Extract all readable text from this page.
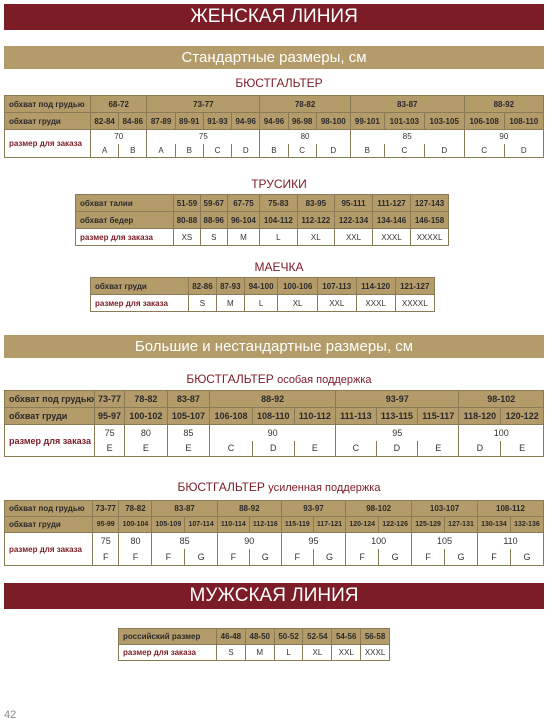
ЖЕНСКАЯ ЛИНИЯ
Стандартные размеры, см
БЮСТГАЛЬТЕР
обхват под грудью	68-72		73-77				78-82			83-87			88-92	
обхват груди	82-84	84-86	87-89	89-91	91-93	94-96	94-96	96-98	98-100	99-101	101-103	103-105	106-108	108-110
размер для заказа	70		75				80			85			90	
	A	B	A	B	C	D	B	C	D	B	C	D	C	D
ТРУСИКИ
обхват талии	51-59	59-67	67-75	75-83	83-95	95-111	111-127	127-143
обхват бедер	80-88	88-96	96-104	104-112	112-122	122-134	134-146	146-158
размер для заказа	XS	S	M	L	XL	XXL	XXXL	XXXXL
МАЕЧКА
обхват груди	82-86	87-93	94-100	100-106	107-113	114-120	121-127
размер для заказа	S	M	L	XL	XXL	XXXL	XXXXL
Большие и нестандартные размеры, см
БЮСТГАЛЬТЕР особая поддержка
обхват под грудью	73-77	78-82	83-87	88-92			93-97			98-102	
обхват груди	95-97	100-102	105-107	106-108	108-110	110-112	111-113	113-115	115-117	118-120	120-122
размер для заказа	75	80	85	90			95			100	
	E	E	E	C	D	E	C	D	E	D	E
БЮСТГАЛЬТЕР усиленная поддержка
обхват под грудью	73-77	78-82	83-87		88-92		93-97		98-102		103-107		108-112	
обхват груди	95-99	100-104	105-109	107-114	110-114	112-116	115-119	117-121	120-124	122-126	125-129	127-131	130-134	132-136
размер для заказа	75	80	85		90		95		100		105		110	
	F	F	F	G	F	G	F	G	F	G	F	G	F	G
МУЖСКАЯ ЛИНИЯ
российский размер	46-48	48-50	50-52	52-54	54-56	56-58
размер для заказа	S	M	L	XL	XXL	XXXL
42
